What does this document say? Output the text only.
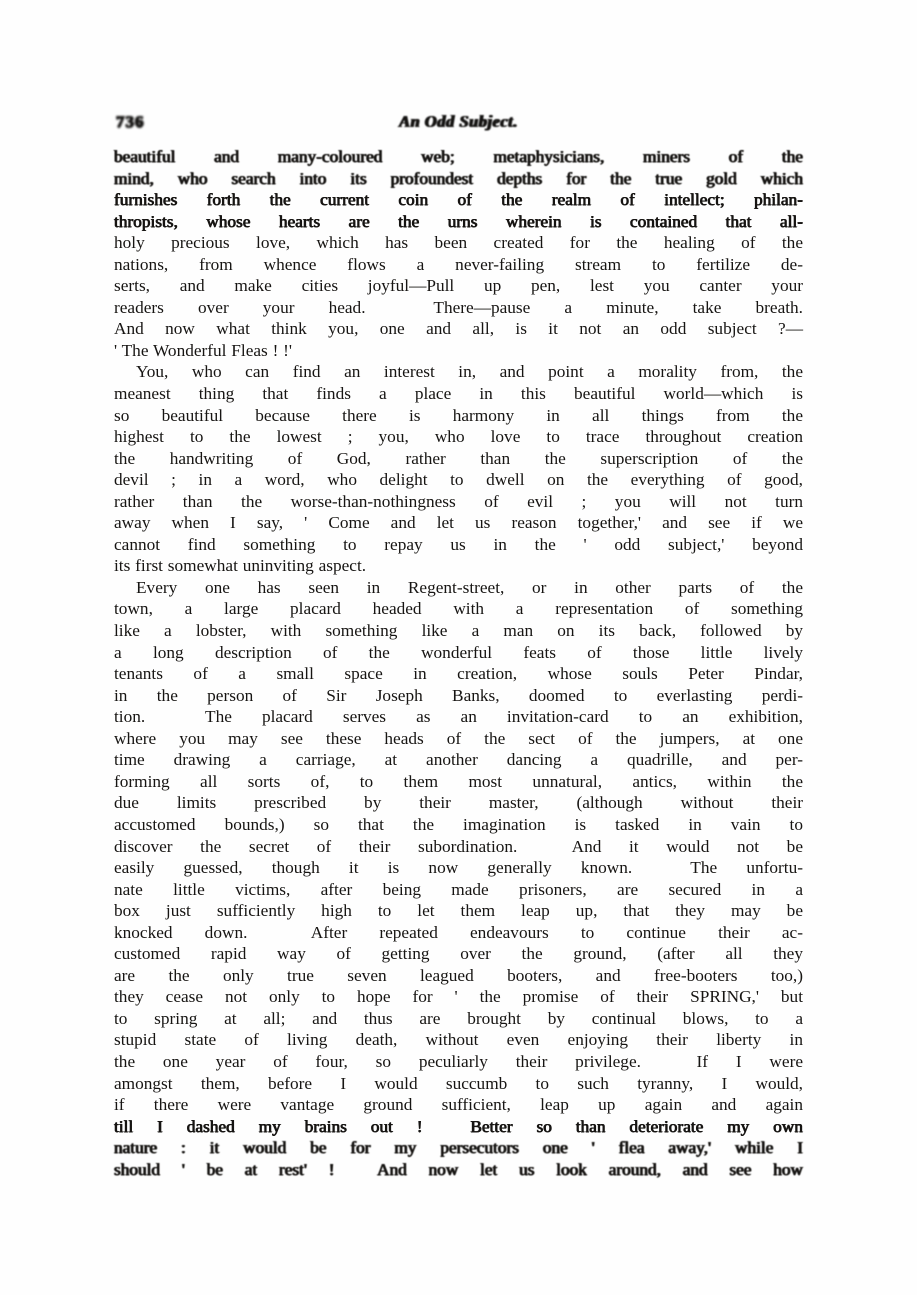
736	An Odd Subject.
beautiful and many-coloured web; metaphysicians, miners of the
mind, who search into its profoundest depths for the true gold which
furnishes forth the current coin of the realm of intellect; philan-
thropists, whose hearts are the urns wherein is contained that all-
holy precious love, which has been created for the healing of the
nations, from whence flows a never-failing stream to fertilize de-
serts, and make cities joyful—Pull up pen, lest you canter your
readers over your head.  There—pause a minute, take breath.
And now what think you, one and all, is it not an odd subject ?—
' The Wonderful Fleas ! !'
You, who can find an interest in, and point a morality from, the
meanest thing that finds a place in this beautiful world—which is
so beautiful because there is harmony in all things from the
highest to the lowest ; you, who love to trace throughout creation
the handwriting of God, rather than the superscription of the
devil ; in a word, who delight to dwell on the everything of good,
rather than the worse-than-nothingness of evil ; you will not turn
away when I say, ' Come and let us reason together,' and see if we
cannot find something to repay us in the ' odd subject,' beyond
its first somewhat uninviting aspect.
Every one has seen in Regent-street, or in other parts of the
town, a large placard headed with a representation of something
like a lobster, with something like a man on its back, followed by
a long description of the wonderful feats of those little lively
tenants of a small space in creation, whose souls Peter Pindar,
in the person of Sir Joseph Banks, doomed to everlasting perdi-
tion.  The placard serves as an invitation-card to an exhibition,
where you may see these heads of the sect of the jumpers, at one
time drawing a carriage, at another dancing a quadrille, and per-
forming all sorts of, to them most unnatural, antics, within the
due limits prescribed by their master, (although without their
accustomed bounds,) so that the imagination is tasked in vain to
discover the secret of their subordination.  And it would not be
easily guessed, though it is now generally known.  The unfortu-
nate little victims, after being made prisoners, are secured in a
box just sufficiently high to let them leap up, that they may be
knocked down.  After repeated endeavours to continue their ac-
customed rapid way of getting over the ground, (after all they
are the only true seven leagued booters, and free-booters too,)
they cease not only to hope for ' the promise of their SPRING,' but
to spring at all; and thus are brought by continual blows, to a
stupid state of living death, without even enjoying their liberty in
the one year of four, so peculiarly their privilege.  If I were
amongst them, before I would succumb to such tyranny, I would,
if there were vantage ground sufficient, leap up again and again
till I dashed my brains out !  Better so than deteriorate my own
nature : it would be for my persecutors one ' flea away,' while I
should ' be at rest' !  And now let us look around, and see how
